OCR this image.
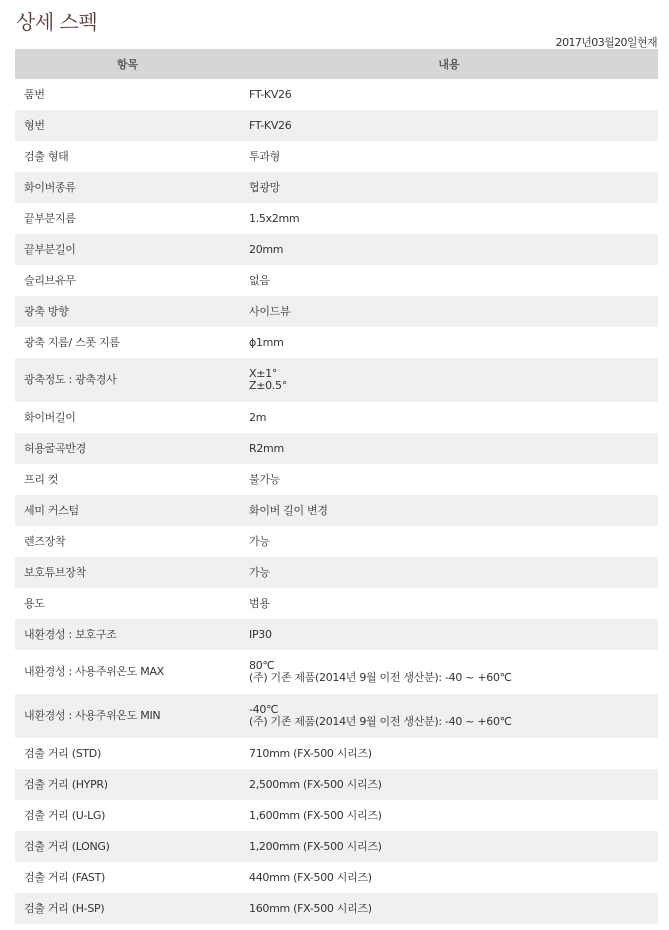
상세 스펙
2017년03월20일현재
항목	내용
품번	FT-KV26

형번	FT-KV26

검출 형태	투과형

화이버종류	협광망

끝부분지름	1.5x2mm

끝부분길이	20mm

슬리브유무	없음

광축 방향	사이드뷰

광축 지름/ 스폿 지름	ϕ1mm

광축정도 : 광축경사	X±1°
Z±0.5°

화이버길이	2m

허용굴곡반경	R2mm

프리 컷	불가능

세미 커스텀	화이버 길이 변경

렌즈장착	가능

보호튜브장착	가능

용도	범용

내환경성 : 보호구조	IP30

내환경성 : 사용주위온도 MAX	80℃
(주) 기존 제품(2014년 9월 이전 생산분): -40 ~ +60℃

내환경성 : 사용주위온도 MIN	-40℃
(주) 기존 제품(2014년 9월 이전 생산분): -40 ~ +60℃

검출 거리 (STD)	710mm (FX-500 시리즈)

검출 거리 (HYPR)	2,500mm (FX-500 시리즈)

검출 거리 (U-LG)	1,600mm (FX-500 시리즈)

검출 거리 (LONG)	1,200mm (FX-500 시리즈)

검출 거리 (FAST)	440mm (FX-500 시리즈)

검출 거리 (H-SP)	160mm (FX-500 시리즈)
